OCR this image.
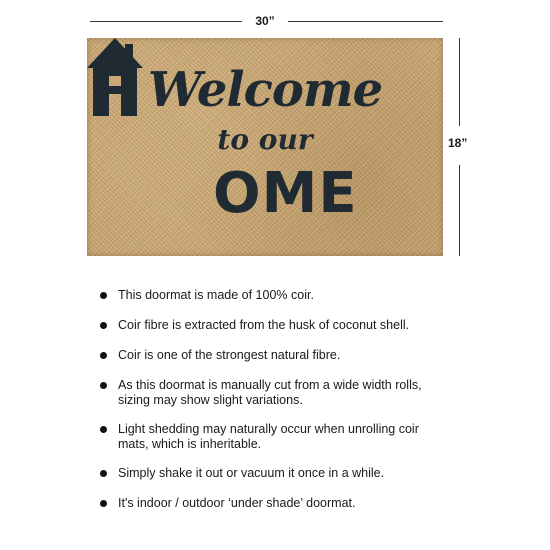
30”
18”
Welcome
to our
OME
This doormat is made of 100% coir.
Coir fibre is extracted from the husk of coconut shell.
Coir is one of the strongest natural fibre.
As this doormat is manually cut from a wide width rolls, sizing may show slight variations.
Light shedding may naturally occur when unrolling coir mats, which is inheritable.
Simply shake it out or vacuum it once in a while.
It's indoor / outdoor ‘under shade’ doormat.
